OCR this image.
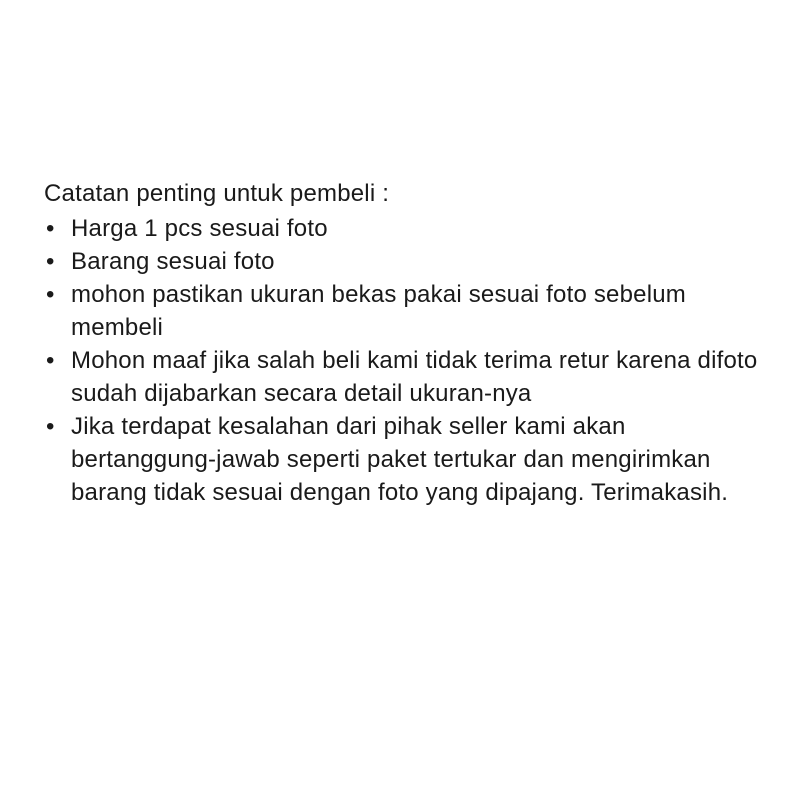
Catatan penting untuk pembeli :

• Harga 1 pcs sesuai foto
• Barang sesuai foto
• mohon pastikan ukuran bekas pakai sesuai foto sebelum membeli
• Mohon maaf jika salah beli kami tidak terima retur karena difoto sudah dijabarkan secara detail ukuran-nya
• Jika terdapat kesalahan dari pihak seller kami akan bertanggung-jawab seperti paket tertukar dan mengirimkan barang tidak sesuai dengan foto yang dipajang. Terimakasih.
